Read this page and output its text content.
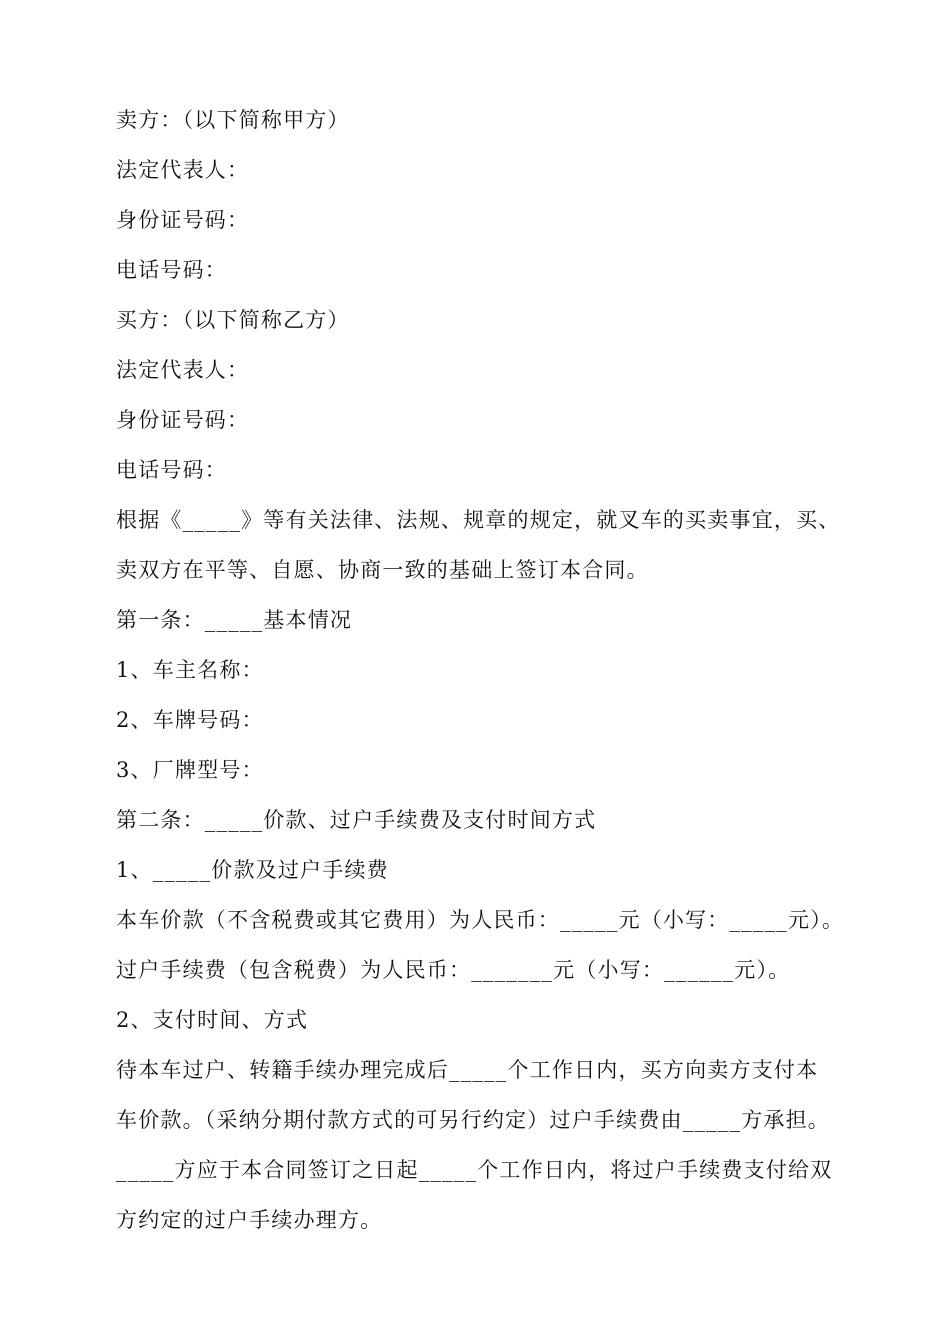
卖方：（以下简称甲方）
法定代表人：
身份证号码：
电话号码：
买方：（以下简称乙方）
法定代表人：
身份证号码：
电话号码：
根据《_____》等有关法律、法规、规章的规定，就叉车的买卖事宜，买、
卖双方在平等、自愿、协商一致的基础上签订本合同。
第一条：_____基本情况
1、车主名称：
2、车牌号码：
3、厂牌型号：
第二条：_____价款、过户手续费及支付时间方式
1、_____价款及过户手续费
本车价款（不含税费或其它费用）为人民币：_____元（小写：_____元）。
过户手续费（包含税费）为人民币：_______元（小写：______元）。
2、支付时间、方式
待本车过户、转籍手续办理完成后_____个工作日内，买方向卖方支付本
车价款。（采纳分期付款方式的可另行约定）过户手续费由_____方承担。
_____方应于本合同签订之日起_____个工作日内，将过户手续费支付给双
方约定的过户手续办理方。
